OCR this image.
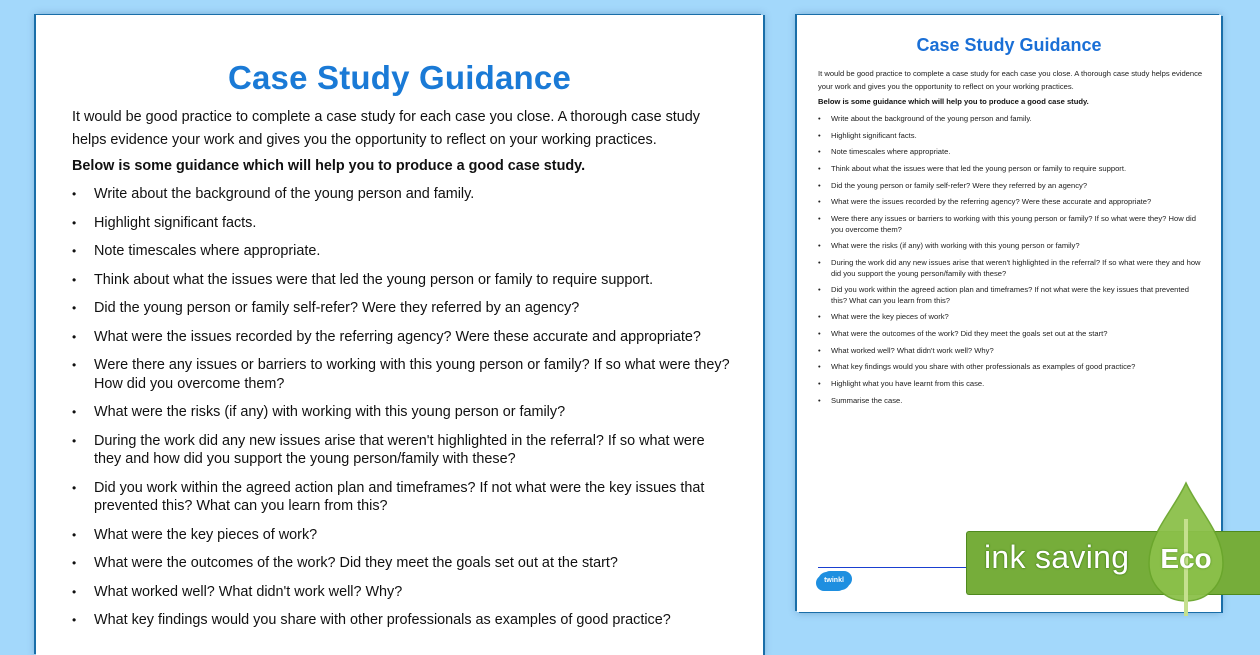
Case Study Guidance
It would be good practice to complete a case study for each case you close. A thorough case study helps evidence your work and gives you the opportunity to reflect on your working practices.
Below is some guidance which will help you to produce a good case study.
• Write about the background of the young person and family.
• Highlight significant facts.
• Note timescales where appropriate.
• Think about what the issues were that led the young person or family to require support.
• Did the young person or family self-refer? Were they referred by an agency?
• What were the issues recorded by the referring agency? Were these accurate and appropriate?
• Were there any issues or barriers to working with this young person or family? If so what were they? How did you overcome them?
• What were the risks (if any) with working with this young person or family?
• During the work did any new issues arise that weren't highlighted in the referral? If so what were they and how did you support the young person/family with these?
• Did you work within the agreed action plan and timeframes? If not what were the key issues that prevented this? What can you learn from this?
• What were the key pieces of work?
• What were the outcomes of the work? Did they meet the goals set out at the start?
• What worked well? What didn't work well? Why?
• What key findings would you share with other professionals as examples of good practice?
Case Study Guidance
It would be good practice to complete a case study for each case you close. A thorough case study helps evidence your work and gives you the opportunity to reflect on your working practices.
Below is some guidance which will help you to produce a good case study.
• Write about the background of the young person and family.
• Highlight significant facts.
• Note timescales where appropriate.
• Think about what the issues were that led the young person or family to require support.
• Did the young person or family self-refer? Were they referred by an agency?
• What were the issues recorded by the referring agency? Were these accurate and appropriate?
• Were there any issues or barriers to working with this young person or family? If so what were they? How did you overcome them?
• What were the risks (if any) with working with this young person or family?
• During the work did any new issues arise that weren't highlighted in the referral? If so what were they and how did you support the young person/family with these?
• Did you work within the agreed action plan and timeframes? If not what were the key issues that prevented this? What can you learn from this?
• What were the key pieces of work?
• What were the outcomes of the work? Did they meet the goals set out at the start?
• What worked well? What didn't work well? Why?
• What key findings would you share with other professionals as examples of good practice?
• Highlight what you have learnt from this case.
• Summarise the case.
twinkl
ink saving	Eco
